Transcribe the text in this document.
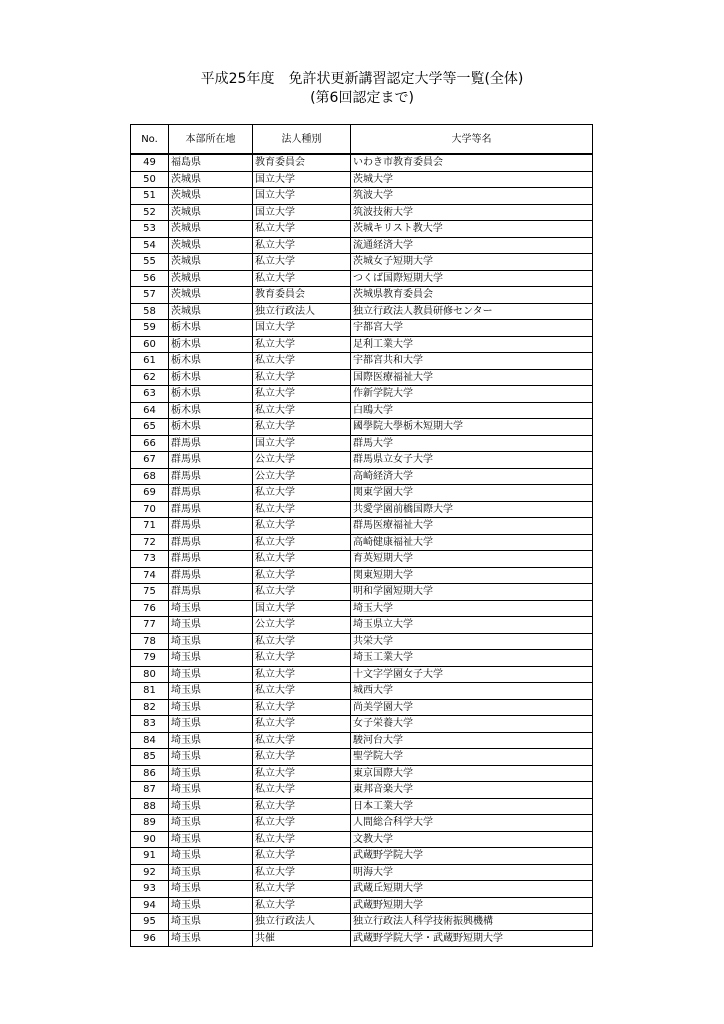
平成25年度　免許状更新講習認定大学等一覧(全体)
(第6回認定まで)
No.	本部所在地	法人種別	大学等名
49	福島県	教育委員会	いわき市教育委員会
50	茨城県	国立大学	茨城大学
51	茨城県	国立大学	筑波大学
52	茨城県	国立大学	筑波技術大学
53	茨城県	私立大学	茨城キリスト教大学
54	茨城県	私立大学	流通経済大学
55	茨城県	私立大学	茨城女子短期大学
56	茨城県	私立大学	つくば国際短期大学
57	茨城県	教育委員会	茨城県教育委員会
58	茨城県	独立行政法人	独立行政法人教員研修センター
59	栃木県	国立大学	宇都宮大学
60	栃木県	私立大学	足利工業大学
61	栃木県	私立大学	宇都宮共和大学
62	栃木県	私立大学	国際医療福祉大学
63	栃木県	私立大学	作新学院大学
64	栃木県	私立大学	白鴎大学
65	栃木県	私立大学	國學院大學栃木短期大学
66	群馬県	国立大学	群馬大学
67	群馬県	公立大学	群馬県立女子大学
68	群馬県	公立大学	高崎経済大学
69	群馬県	私立大学	関東学園大学
70	群馬県	私立大学	共愛学園前橋国際大学
71	群馬県	私立大学	群馬医療福祉大学
72	群馬県	私立大学	高崎健康福祉大学
73	群馬県	私立大学	育英短期大学
74	群馬県	私立大学	関東短期大学
75	群馬県	私立大学	明和学園短期大学
76	埼玉県	国立大学	埼玉大学
77	埼玉県	公立大学	埼玉県立大学
78	埼玉県	私立大学	共栄大学
79	埼玉県	私立大学	埼玉工業大学
80	埼玉県	私立大学	十文字学園女子大学
81	埼玉県	私立大学	城西大学
82	埼玉県	私立大学	尚美学園大学
83	埼玉県	私立大学	女子栄養大学
84	埼玉県	私立大学	駿河台大学
85	埼玉県	私立大学	聖学院大学
86	埼玉県	私立大学	東京国際大学
87	埼玉県	私立大学	東邦音楽大学
88	埼玉県	私立大学	日本工業大学
89	埼玉県	私立大学	人間総合科学大学
90	埼玉県	私立大学	文教大学
91	埼玉県	私立大学	武蔵野学院大学
92	埼玉県	私立大学	明海大学
93	埼玉県	私立大学	武蔵丘短期大学
94	埼玉県	私立大学	武蔵野短期大学
95	埼玉県	独立行政法人	独立行政法人科学技術振興機構
96	埼玉県	共催	武蔵野学院大学・武蔵野短期大学
